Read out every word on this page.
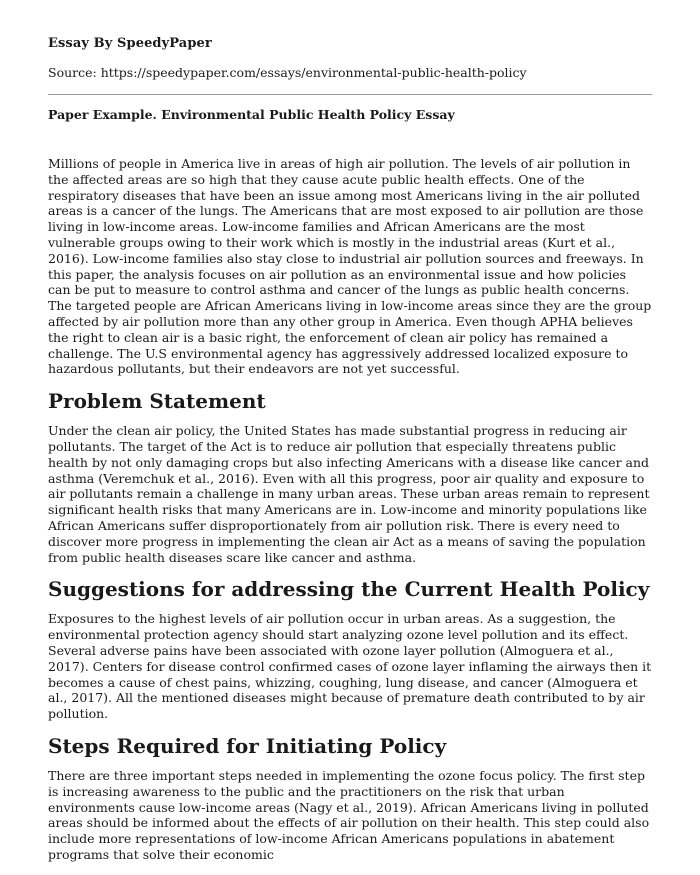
Essay By SpeedyPaper
Source: https://speedypaper.com/essays/environmental-public-health-policy
Paper Example. Environmental Public Health Policy Essay

Millions of people in America live in areas of high air pollution. The levels of air pollution in the affected areas are so high that they cause acute public health effects. One of the respiratory diseases that have been an issue among most Americans living in the air polluted areas is a cancer of the lungs. The Americans that are most exposed to air pollution are those living in low-income areas. Low-income families and African Americans are the most vulnerable groups owing to their work which is mostly in the industrial areas (Kurt et al., 2016). Low-income families also stay close to industrial air pollution sources and freeways. In this paper, the analysis focuses on air pollution as an environmental issue and how policies can be put to measure to control asthma and cancer of the lungs as public health concerns. The targeted people are African Americans living in low-income areas since they are the group affected by air pollution more than any other group in America. Even though APHA believes the right to clean air is a basic right, the enforcement of clean air policy has remained a challenge. The U.S environmental agency has aggressively addressed localized exposure to hazardous pollutants, but their endeavors are not yet successful.

Problem Statement

Under the clean air policy, the United States has made substantial progress in reducing air pollutants. The target of the Act is to reduce air pollution that especially threatens public health by not only damaging crops but also infecting Americans with a disease like cancer and asthma (Veremchuk et al., 2016). Even with all this progress, poor air quality and exposure to air pollutants remain a challenge in many urban areas. These urban areas remain to represent significant health risks that many Americans are in. Low-income and minority populations like African Americans suffer disproportionately from air pollution risk. There is every need to discover more progress in implementing the clean air Act as a means of saving the population from public health diseases scare like cancer and asthma.

Suggestions for addressing the Current Health Policy

Exposures to the highest levels of air pollution occur in urban areas. As a suggestion, the environmental protection agency should start analyzing ozone level pollution and its effect. Several adverse pains have been associated with ozone layer pollution (Almoguera et al., 2017). Centers for disease control confirmed cases of ozone layer inflaming the airways then it becomes a cause of chest pains, whizzing, coughing, lung disease, and cancer (Almoguera et al., 2017). All the mentioned diseases might because of premature death contributed to by air pollution.

Steps Required for Initiating Policy

There are three important steps needed in implementing the ozone focus policy. The first step is increasing awareness to the public and the practitioners on the risk that urban environments cause low-income areas (Nagy et al., 2019). African Americans living in polluted areas should be informed about the effects of air pollution on their health. This step could also include more representations of low-income African Americans populations in abatement programs that solve their economic
